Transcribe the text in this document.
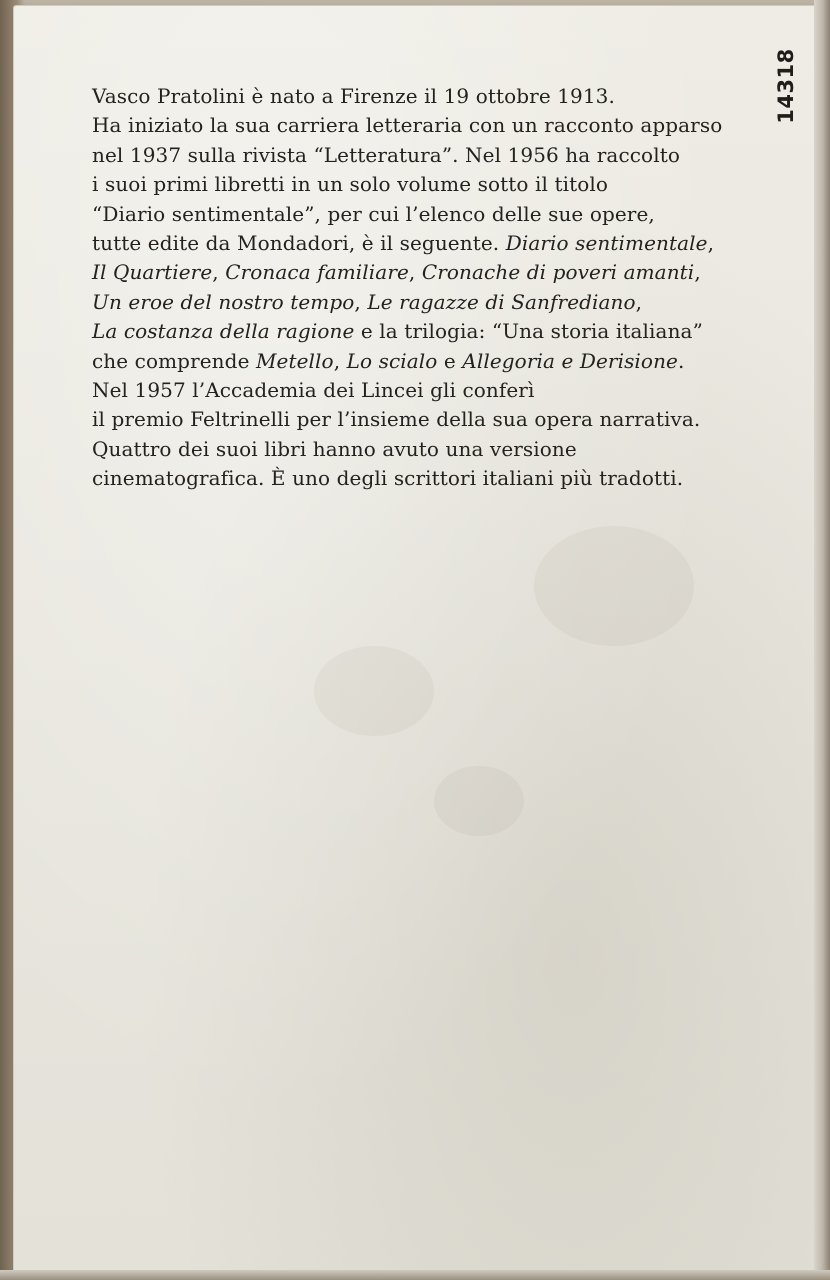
Vasco Pratolini è nato a Firenze il 19 ottobre 1913.
Ha iniziato la sua carriera letteraria con un racconto apparso
nel 1937 sulla rivista “Letteratura”. Nel 1956 ha raccolto
i suoi primi libretti in un solo volume sotto il titolo
“Diario sentimentale”, per cui l’elenco delle sue opere,
tutte edite da Mondadori, è il seguente. Diario sentimentale,
Il Quartiere, Cronaca familiare, Cronache di poveri amanti,
Un eroe del nostro tempo, Le ragazze di Sanfrediano,
La costanza della ragione e la trilogia: “Una storia italiana”
che comprende Metello, Lo scialo e Allegoria e Derisione.
Nel 1957 l’Accademia dei Lincei gli conferì
il premio Feltrinelli per l’insieme della sua opera narrativa.
Quattro dei suoi libri hanno avuto una versione
cinematografica. È uno degli scrittori italiani più tradotti.
14318
